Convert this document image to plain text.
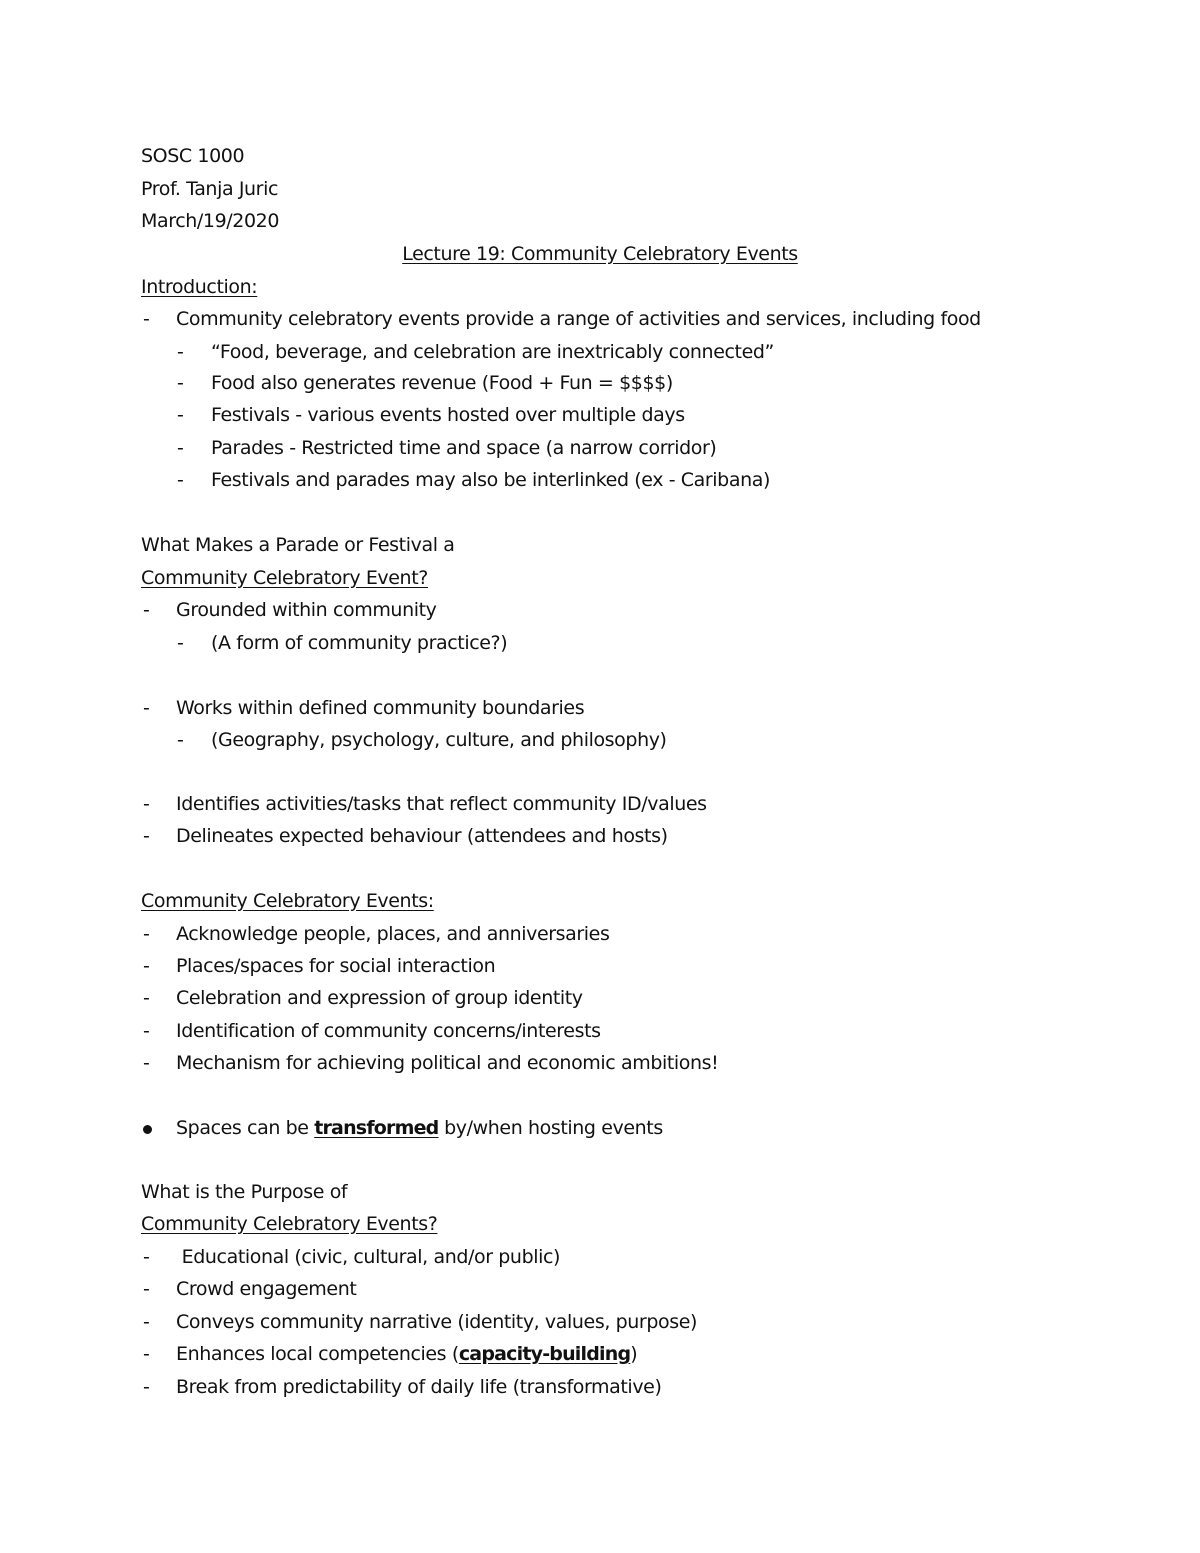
SOSC 1000
Prof. Tanja Juric
March/19/2020
Lecture 19: Community Celebratory Events
Introduction:
- Community celebratory events provide a range of activities and services, including food
- “Food, beverage, and celebration are inextricably connected”
- Food also generates revenue (Food + Fun = $$$$)
- Festivals - various events hosted over multiple days
- Parades - Restricted time and space (a narrow corridor)
- Festivals and parades may also be interlinked (ex - Caribana)
What Makes a Parade or Festival a
Community Celebratory Event?
- Grounded within community
- (A form of community practice?)
- Works within defined community boundaries
- (Geography, psychology, culture, and philosophy)
- Identifies activities/tasks that reflect community ID/values
- Delineates expected behaviour (attendees and hosts)
Community Celebratory Events:
- Acknowledge people, places, and anniversaries
- Places/spaces for social interaction
- Celebration and expression of group identity
- Identification of community concerns/interests
- Mechanism for achieving political and economic ambitions!
Spaces can be transformed by/when hosting events
What is the Purpose of
Community Celebratory Events?
- Educational (civic, cultural, and/or public)
- Crowd engagement
- Conveys community narrative (identity, values, purpose)
- Enhances local competencies (capacity-building)
- Break from predictability of daily life (transformative)
